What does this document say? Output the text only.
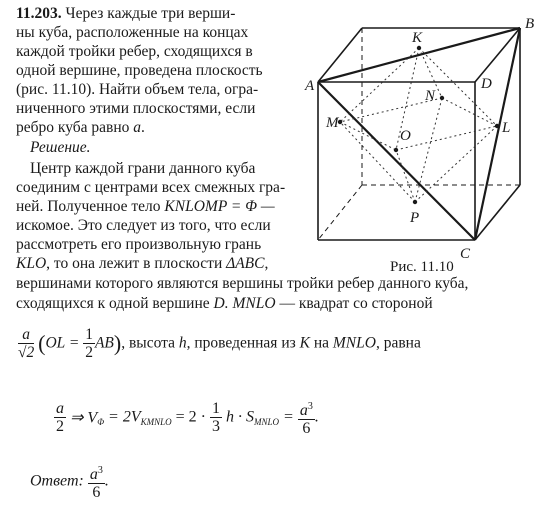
11.203. Через каждые три верши-
ны куба, расположенные на концах
каждой тройки ребер, сходящихся в
одной вершине, проведена плоскость
(рис. 11.10). Найти объем тела, огра-
ниченного этими плоскостями, если
ребро куба равно a.
Решение.
Центр каждой грани данного куба
соединим с центрами всех смежных гра-
ней. Полученное тело KNLOMP = Φ —
искомое. Это следует из того, что если
рассмотреть его произвольную грань
KLO, то она лежит в плоскости ΔABC,
вершинами которого являются вершины тройки ребер данного куба,
сходящихся к одной вершине D. MNLO — квадрат со стороной
$\frac{a}{√2} (OL = \frac{1}{2} AB)$, высота h, проведенная из K на MNLO, равна
$\frac{a}{2}$ ⇒ $V_\Phi = 2V_{KMNLO} = 2 \cdot \frac{1}{3}$ $h \cdot S_{MNLO} = \frac{a^3}{6}$ .
Ответ: $\frac{a^3}{6}$ .
A
B
C
D
K
N
M
O	L
P
Рис. 11.10
